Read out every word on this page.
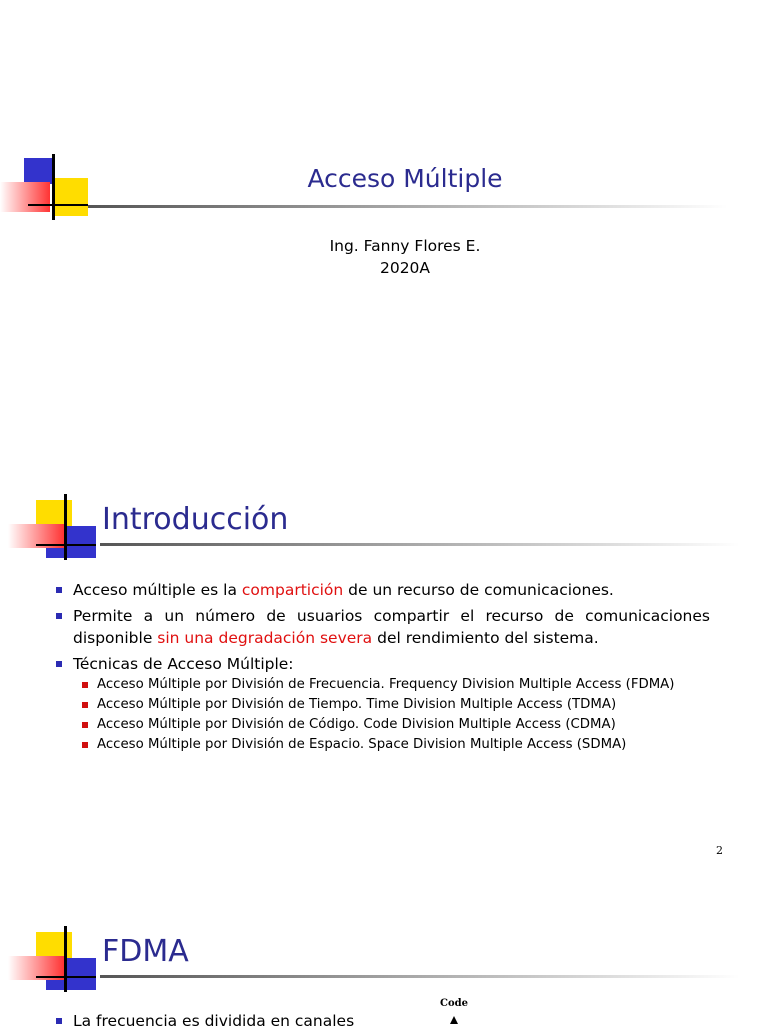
Acceso Múltiple
Ing. Fanny Flores E.
2020A
Introducción
Acceso múltiple es la compartición de un recurso de comunicaciones.
Permite a un número de usuarios compartir el recurso de comunicaciones disponible sin una degradación severa del rendimiento del sistema.
Técnicas de Acceso Múltiple:
Acceso Múltiple por División de Frecuencia. Frequency Division Multiple Access (FDMA)
Acceso Múltiple por División de Tiempo. Time Division Multiple Access (TDMA)
Acceso Múltiple por División de Código. Code Division Multiple Access (CDMA)
Acceso Múltiple por División de Espacio. Space Division Multiple Access (SDMA)
2
FDMA
La frecuencia es dividida en canales
Code
